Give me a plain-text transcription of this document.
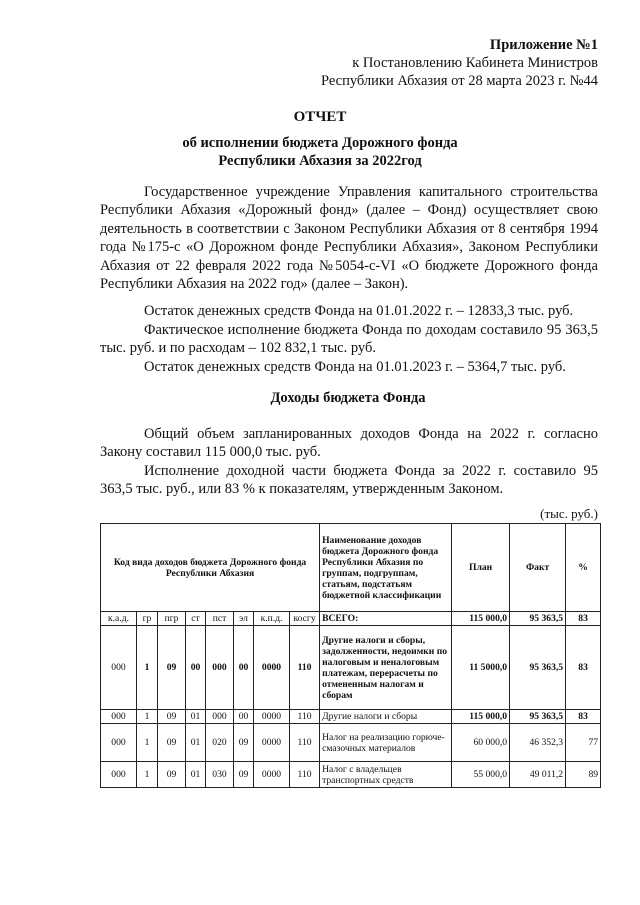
Приложение №1
к Постановлению Кабинета Министров
Республики Абхазия от 28 марта 2023 г. №44
ОТЧЕТ
об исполнении бюджета Дорожного фонда
Республики Абхазия за 2022год
Государственное учреждение Управления капитального строительства Республики Абхазия «Дорожный фонд» (далее – Фонд) осуществляет свою деятельность в соответствии с Законом Республики Абхазия от 8 сентября 1994 года №175-с «О Дорожном фонде Республики Абхазия», Законом Республики Абхазия от 22 февраля 2022 года №5054-с-VI «О бюджете Дорожного фонда Республики Абхазия на 2022 год» (далее – Закон).
Остаток денежных средств Фонда на 01.01.2022 г. – 12833,3 тыс. руб.
Фактическое исполнение бюджета Фонда по доходам составило 95 363,5 тыс. руб. и по расходам – 102 832,1 тыс. руб.
Остаток денежных средств Фонда на 01.01.2023 г. – 5364,7 тыс. руб.
Доходы бюджета Фонда
Общий объем запланированных доходов Фонда на 2022 г. согласно Закону составил 115 000,0 тыс. руб.
Исполнение доходной части бюджета Фонда за 2022 г. составило 95 363,5 тыс. руб., или 83 % к показателям, утвержденным Законом.
(тыс. руб.)
Код вида доходов бюджета Дорожного фонда Республики Абхазия								Наименование доходов бюджета Дорожного фонда Республики Абхазия по группам, подгруппам, статьям, подстатьям бюджетной классификации	План	Факт	%
к.а.д.	гр	пгр	ст	пст	эл	к.п.д.	косгу	ВСЕГО:	115 000,0	95 363,5	83
000	1	09	00	000	00	0000	110	Другие налоги и сборы, задолженности, недоимки по налоговым и неналоговым платежам, перерасчеты по отмененным налогам и сборам	11 5000,0	95 363,5	83
000	1	09	01	000	00	0000	110	Другие налоги и сборы	115 000,0	95 363,5	83
000	1	09	01	020	09	0000	110	Налог на реализацию горюче-смазочных материалов	60 000,0	46 352,3	77
000	1	09	01	030	09	0000	110	Налог с владельцев транспортных средств	55 000,0	49 011,2	89
